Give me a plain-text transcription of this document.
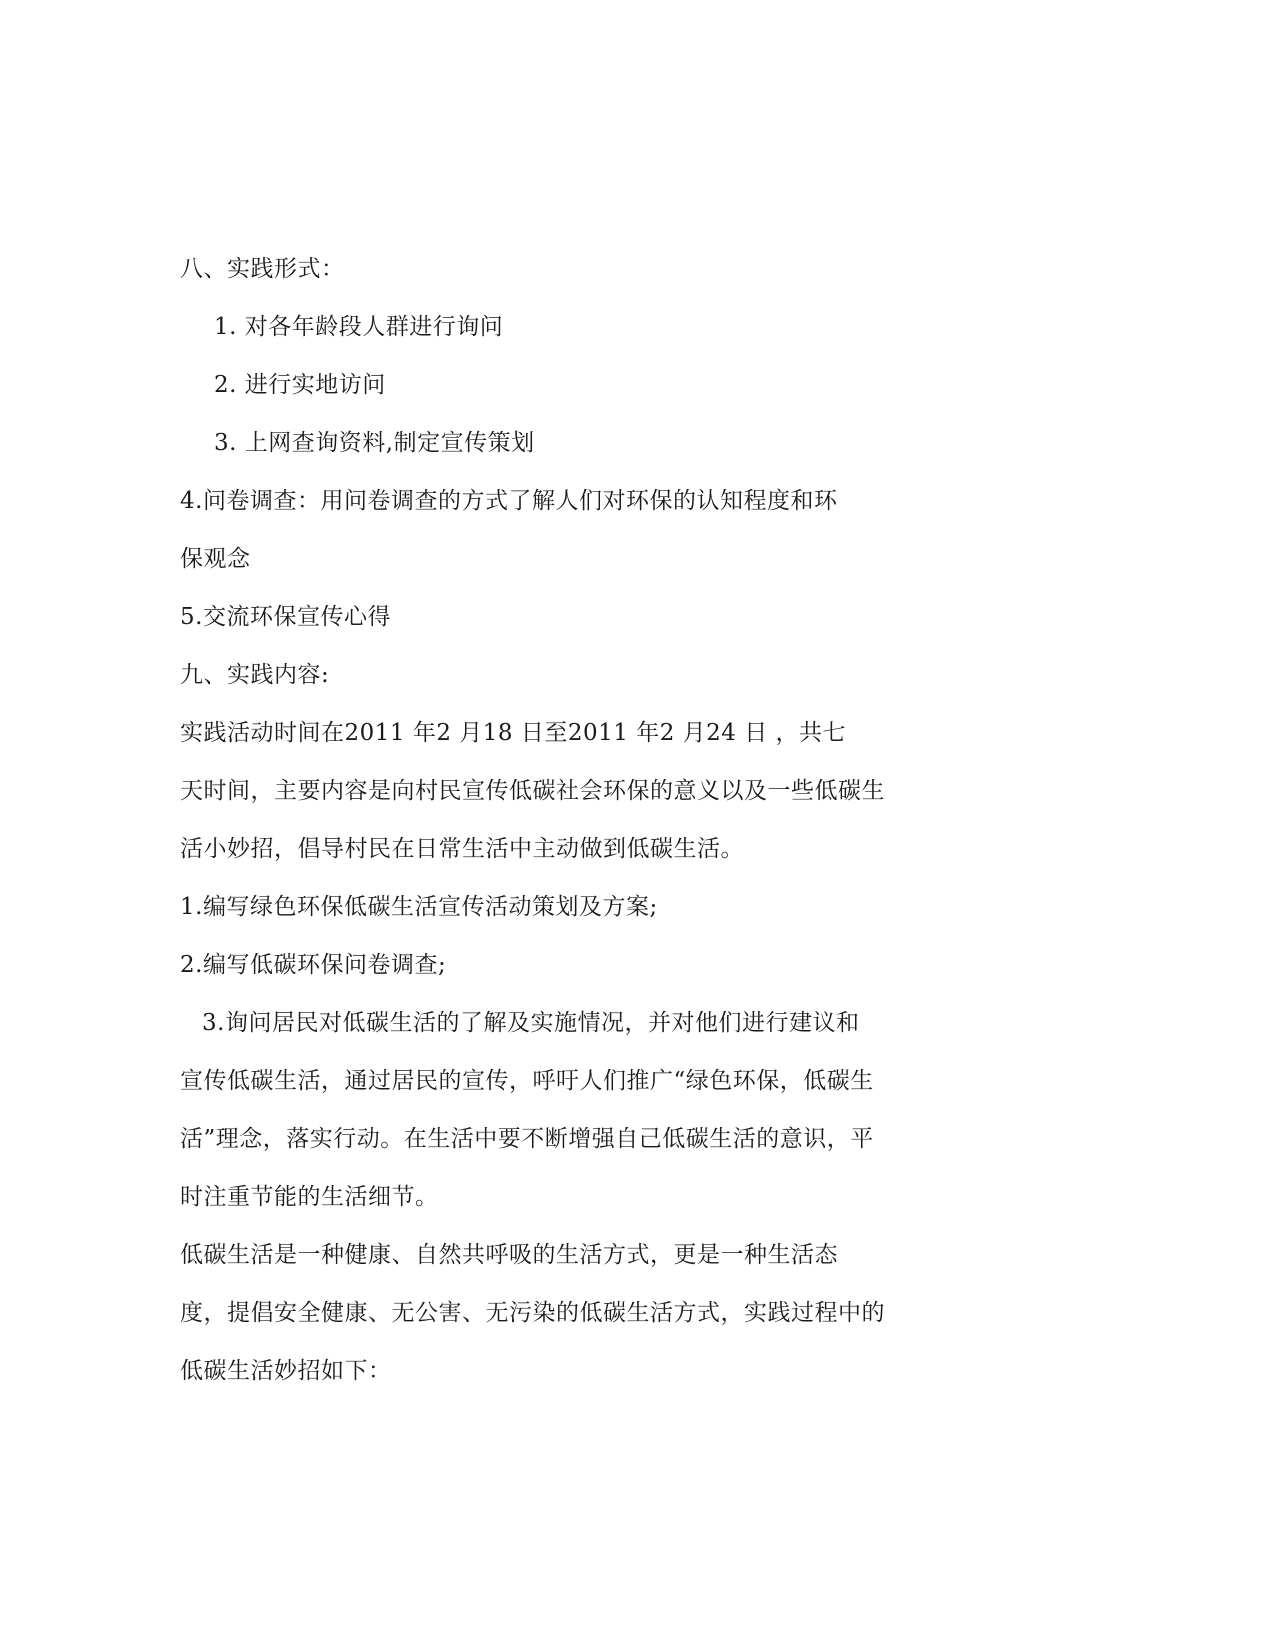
八、实践形式：
1. 对各年龄段人群进行询问
2. 进行实地访问
3. 上网查询资料,制定宣传策划
4.问卷调查：用问卷调查的方式了解人们对环保的认知程度和环
保观念
5.交流环保宣传心得
九、实践内容:
实践活动时间在2011 年2 月18 日至2011 年2 月24 日 ，共七
天时间，主要内容是向村民宣传低碳社会环保的意义以及一些低碳生
活小妙招，倡导村民在日常生活中主动做到低碳生活。
1.编写绿色环保低碳生活宣传活动策划及方案;
2.编写低碳环保问卷调查;
3.询问居民对低碳生活的了解及实施情况，并对他们进行建议和
宣传低碳生活，通过居民的宣传，呼吁人们推广“绿色环保，低碳生
活”理念，落实行动。在生活中要不断增强自己低碳生活的意识，平
时注重节能的生活细节。
低碳生活是一种健康、自然共呼吸的生活方式，更是一种生活态
度，提倡安全健康、无公害、无污染的低碳生活方式，实践过程中的
低碳生活妙招如下：
